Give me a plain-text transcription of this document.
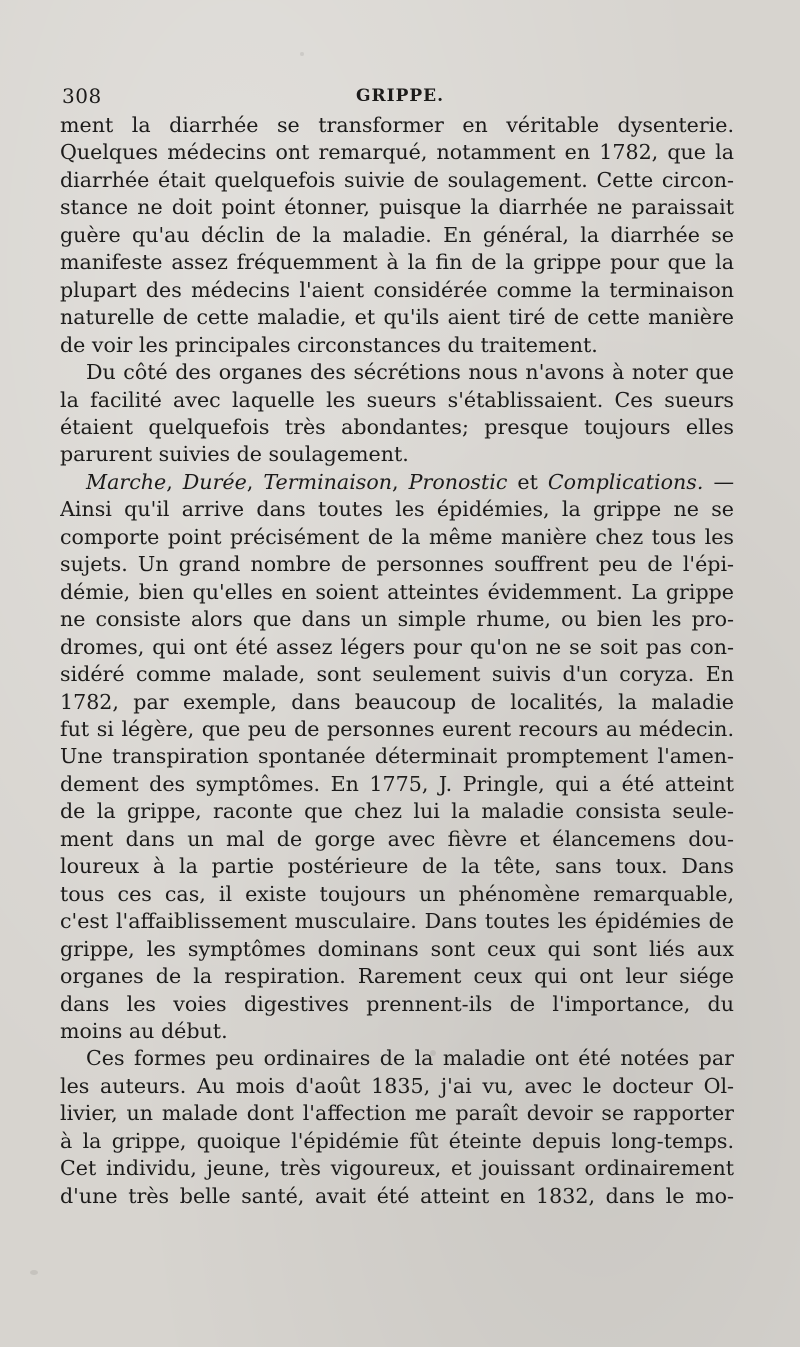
308	GRIPPE.
ment la diarrhée se transformer en véritable dysenterie.
Quelques médecins ont remarqué, notamment en 1782, que la
diarrhée était quelquefois suivie de soulagement. Cette circon-
stance ne doit point étonner, puisque la diarrhée ne paraissait
guère qu'au déclin de la maladie. En général, la diarrhée se
manifeste assez fréquemment à la fin de la grippe pour que la
plupart des médecins l'aient considérée comme la terminaison
naturelle de cette maladie, et qu'ils aient tiré de cette manière
de voir les principales circonstances du traitement.
Du côté des organes des sécrétions nous n'avons à noter que
la facilité avec laquelle les sueurs s'établissaient. Ces sueurs
étaient quelquefois très abondantes; presque toujours elles
parurent suivies de soulagement.
Marche, Durée, Terminaison, Pronostic et Complications. —
Ainsi qu'il arrive dans toutes les épidémies, la grippe ne se
comporte point précisément de la même manière chez tous les
sujets. Un grand nombre de personnes souffrent peu de l'épi-
démie, bien qu'elles en soient atteintes évidemment. La grippe
ne consiste alors que dans un simple rhume, ou bien les pro-
dromes, qui ont été assez légers pour qu'on ne se soit pas con-
sidéré comme malade, sont seulement suivis d'un coryza. En
1782, par exemple, dans beaucoup de localités, la maladie
fut si légère, que peu de personnes eurent recours au médecin.
Une transpiration spontanée déterminait promptement l'amen-
dement des symptômes. En 1775, J. Pringle, qui a été atteint
de la grippe, raconte que chez lui la maladie consista seule-
ment dans un mal de gorge avec fièvre et élancemens dou-
loureux à la partie postérieure de la tête, sans toux. Dans
tous ces cas, il existe toujours un phénomène remarquable,
c'est l'affaiblissement musculaire. Dans toutes les épidémies de
grippe, les symptômes dominans sont ceux qui sont liés aux
organes de la respiration. Rarement ceux qui ont leur siége
dans les voies digestives prennent-ils de l'importance, du
moins au début.
Ces formes peu ordinaires de la maladie ont été notées par
les auteurs. Au mois d'août 1835, j'ai vu, avec le docteur Ol-
livier, un malade dont l'affection me paraît devoir se rapporter
à la grippe, quoique l'épidémie fût éteinte depuis long-temps.
Cet individu, jeune, très vigoureux, et jouissant ordinairement
d'une très belle santé, avait été atteint en 1832, dans le mo-
